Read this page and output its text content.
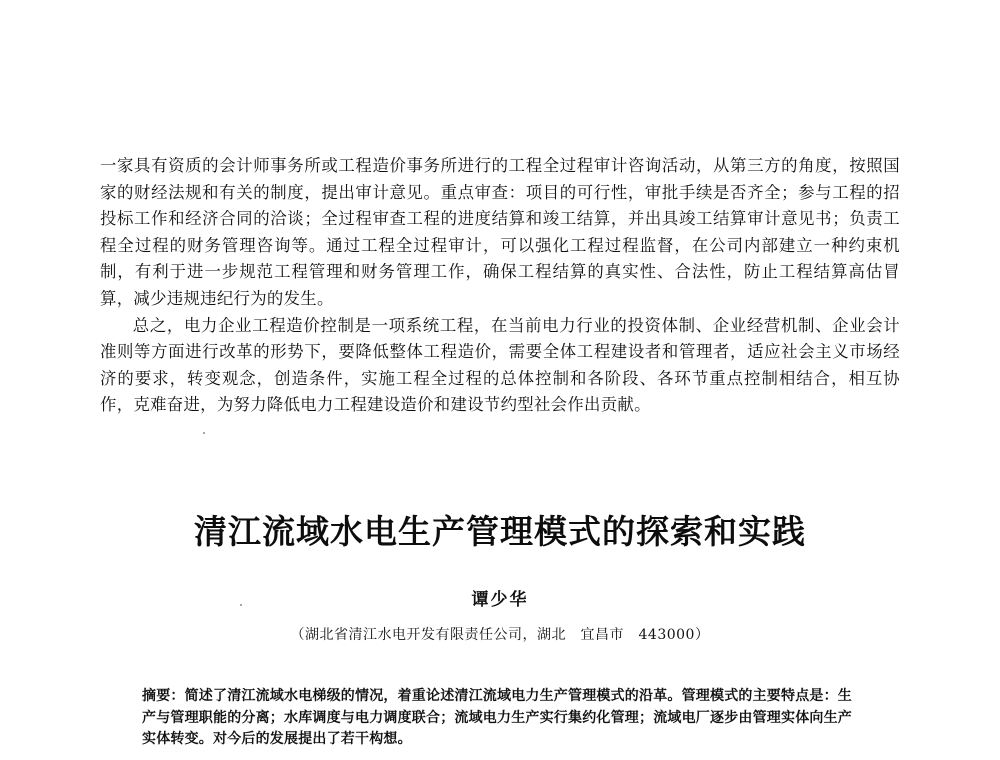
一家具有资质的会计师事务所或工程造价事务所进行的工程全过程审计咨询活动，从第三方的角度，按照国家的财经法规和有关的制度，提出审计意见。重点审查：项目的可行性，审批手续是否齐全；参与工程的招投标工作和经济合同的洽谈；全过程审查工程的进度结算和竣工结算，并出具竣工结算审计意见书；负责工程全过程的财务管理咨询等。通过工程全过程审计，可以强化工程过程监督，在公司内部建立一种约束机制，有利于进一步规范工程管理和财务管理工作，确保工程结算的真实性、合法性，防止工程结算高估冒算，减少违规违纪行为的发生。

总之，电力企业工程造价控制是一项系统工程，在当前电力行业的投资体制、企业经营机制、企业会计准则等方面进行改革的形势下，要降低整体工程造价，需要全体工程建设者和管理者，适应社会主义市场经济的要求，转变观念，创造条件，实施工程全过程的总体控制和各阶段、各环节重点控制相结合，相互协作，克难奋进，为努力降低电力工程建设造价和建设节约型社会作出贡献。

清江流域水电生产管理模式的探索和实践
谭少华
（湖北省清江水电开发有限责任公司，湖北　宜昌市　443000）
摘要：简述了清江流域水电梯级的情况，着重论述清江流域电力生产管理模式的沿革。管理模式的主要特点是：生产与管理职能的分离；水库调度与电力调度联合；流域电力生产实行集约化管理；流域电厂逐步由管理实体向生产实体转变。对今后的发展提出了若干构想。
